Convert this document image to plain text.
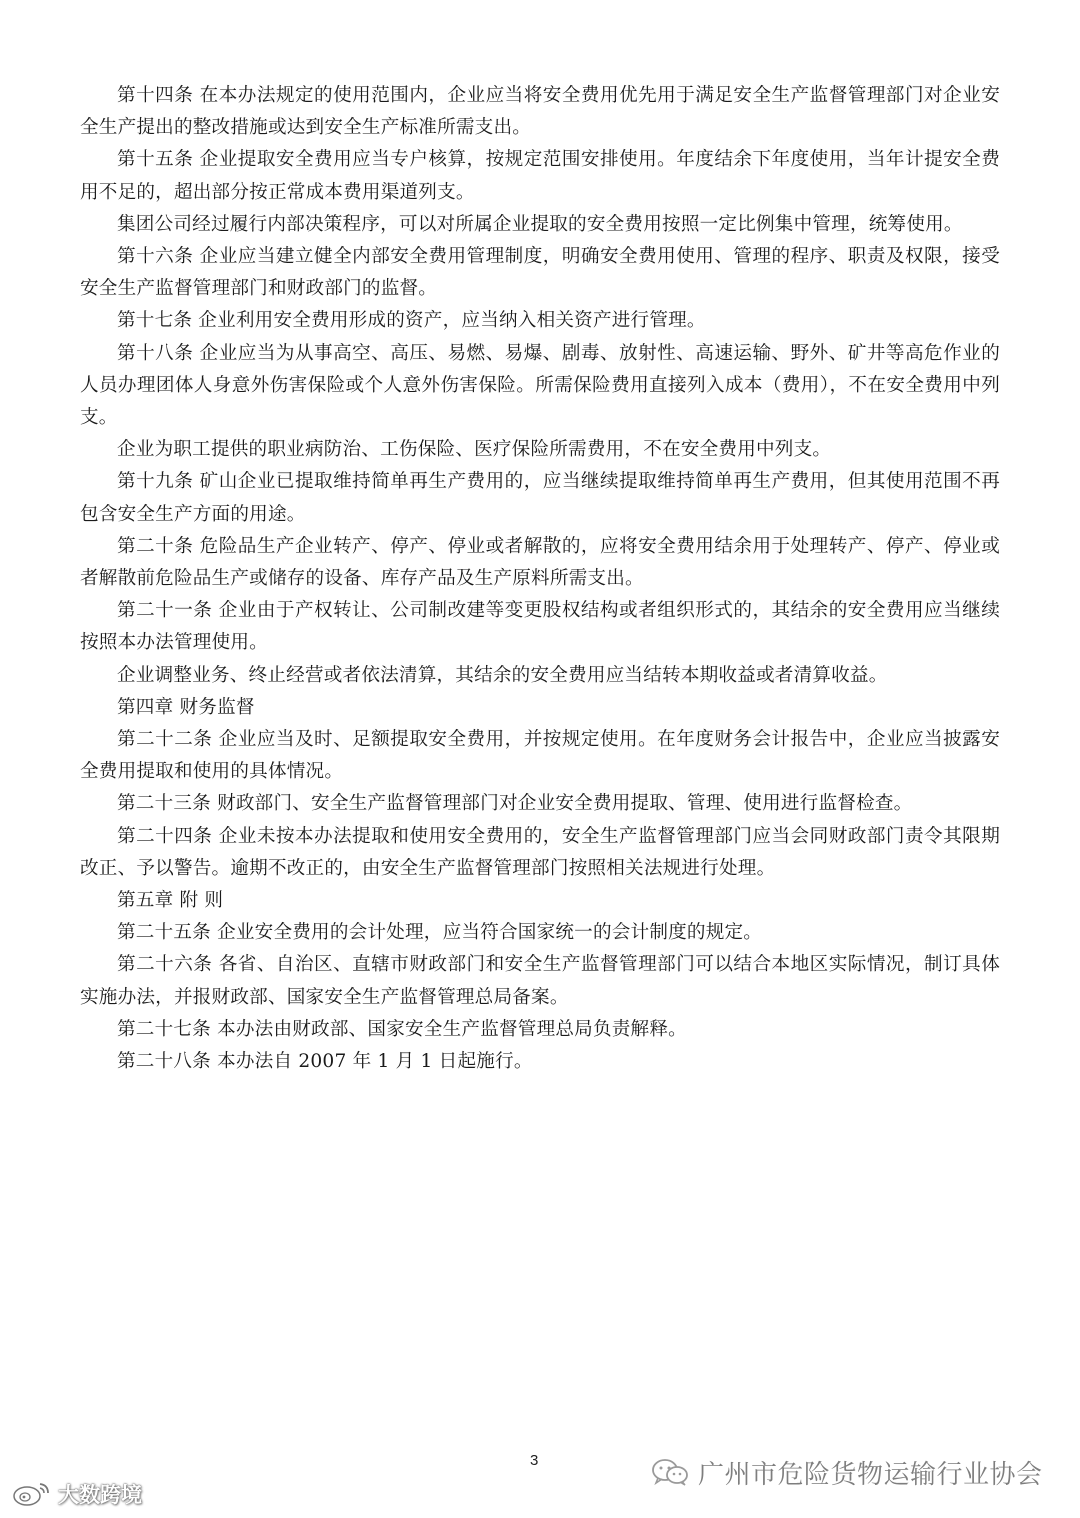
第十四条 在本办法规定的使用范围内，企业应当将安全费用优先用于满足安全生产监督管理部门对企业安全生产提出的整改措施或达到安全生产标准所需支出。

第十五条 企业提取安全费用应当专户核算，按规定范围安排使用。年度结余下年度使用，当年计提安全费用不足的，超出部分按正常成本费用渠道列支。

集团公司经过履行内部决策程序，可以对所属企业提取的安全费用按照一定比例集中管理，统筹使用。

第十六条 企业应当建立健全内部安全费用管理制度，明确安全费用使用、管理的程序、职责及权限，接受安全生产监督管理部门和财政部门的监督。

第十七条 企业利用安全费用形成的资产，应当纳入相关资产进行管理。

第十八条 企业应当为从事高空、高压、易燃、易爆、剧毒、放射性、高速运输、野外、矿井等高危作业的人员办理团体人身意外伤害保险或个人意外伤害保险。所需保险费用直接列入成本（费用），不在安全费用中列支。

企业为职工提供的职业病防治、工伤保险、医疗保险所需费用，不在安全费用中列支。

第十九条 矿山企业已提取维持简单再生产费用的，应当继续提取维持简单再生产费用，但其使用范围不再包含安全生产方面的用途。

第二十条 危险品生产企业转产、停产、停业或者解散的，应将安全费用结余用于处理转产、停产、停业或者解散前危险品生产或储存的设备、库存产品及生产原料所需支出。

第二十一条 企业由于产权转让、公司制改建等变更股权结构或者组织形式的，其结余的安全费用应当继续按照本办法管理使用。

企业调整业务、终止经营或者依法清算，其结余的安全费用应当结转本期收益或者清算收益。

第四章 财务监督

第二十二条 企业应当及时、足额提取安全费用，并按规定使用。在年度财务会计报告中，企业应当披露安全费用提取和使用的具体情况。

第二十三条 财政部门、安全生产监督管理部门对企业安全费用提取、管理、使用进行监督检查。

第二十四条 企业未按本办法提取和使用安全费用的，安全生产监督管理部门应当会同财政部门责令其限期改正、予以警告。逾期不改正的，由安全生产监督管理部门按照相关法规进行处理。

第五章 附 则

第二十五条 企业安全费用的会计处理，应当符合国家统一的会计制度的规定。

第二十六条 各省、自治区、直辖市财政部门和安全生产监督管理部门可以结合本地区实际情况，制订具体实施办法，并报财政部、国家安全生产监督管理总局备案。

第二十七条 本办法由财政部、国家安全生产监督管理总局负责解释。

第二十八条 本办法自 2007 年 1 月 1 日起施行。

3	广州市危险货物运输行业协会
大数跨境
